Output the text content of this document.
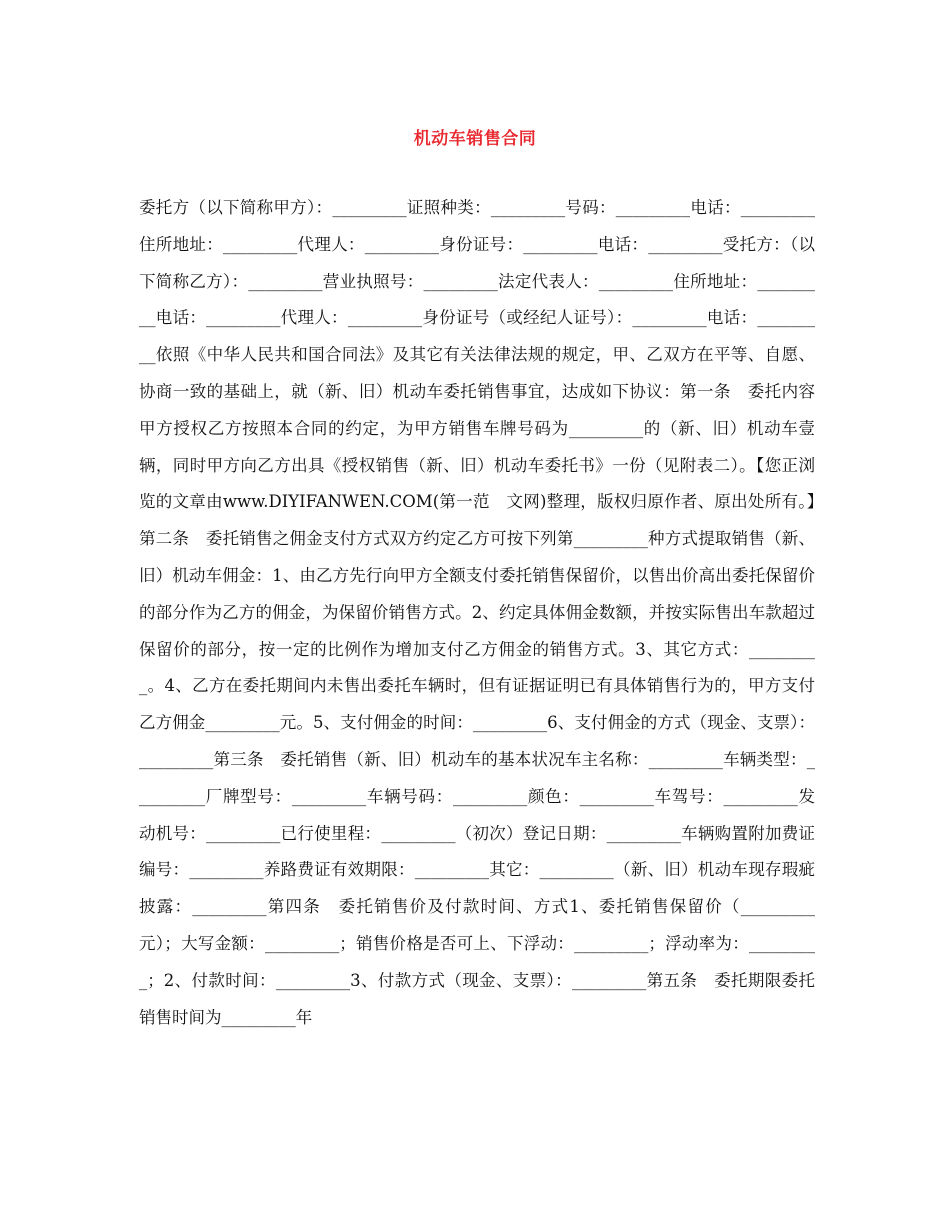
机动车销售合同

委托方（以下简称甲方）：_________证照种类：_________号码：_________电话：_________住所地址：_________代理人：_________身份证号：_________电话：_________受托方：（以下简称乙方）：_________营业执照号：_________法定代表人：_________住所地址：_________电话：_________代理人：_________身份证号（或经纪人证号）：_________电话：_________依照《中华人民共和国合同法》及其它有关法律法规的规定，甲、乙双方在平等、自愿、协商一致的基础上，就（新、旧）机动车委托销售事宜，达成如下协议：第一条　委托内容甲方授权乙方按照本合同的约定，为甲方销售车牌号码为_________的（新、旧）机动车壹辆，同时甲方向乙方出具《授权销售（新、旧）机动车委托书》一份（见附表二）。【您正浏览的文章由www.DIYIFANWEN.COM(第一范　文网)整理，版权归原作者、原出处所有。】第二条　委托销售之佣金支付方式双方约定乙方可按下列第_________种方式提取销售（新、旧）机动车佣金：1、由乙方先行向甲方全额支付委托销售保留价，以售出价高出委托保留价的部分作为乙方的佣金，为保留价销售方式。2、约定具体佣金数额，并按实际售出车款超过保留价的部分，按一定的比例作为增加支付乙方佣金的销售方式。3、其它方式：_________。4、乙方在委托期间内未售出委托车辆时，但有证据证明已有具体销售行为的，甲方支付乙方佣金_________元。5、支付佣金的时间：_________6、支付佣金的方式（现金、支票）：_________第三条　委托销售（新、旧）机动车的基本状况车主名称：_________车辆类型：_________厂牌型号：_________车辆号码：_________颜色：_________车驾号：_________发动机号：_________已行使里程：_________（初次）登记日期：_________车辆购置附加费证编号：_________养路费证有效期限：_________其它：_________（新、旧）机动车现存瑕疵披露：_________第四条　委托销售价及付款时间、方式1、委托销售保留价（_________元）；大写金额：_________；销售价格是否可上、下浮动：_________；浮动率为：_________；2、付款时间：_________3、付款方式（现金、支票）：_________第五条　委托期限委托销售时间为_________年
